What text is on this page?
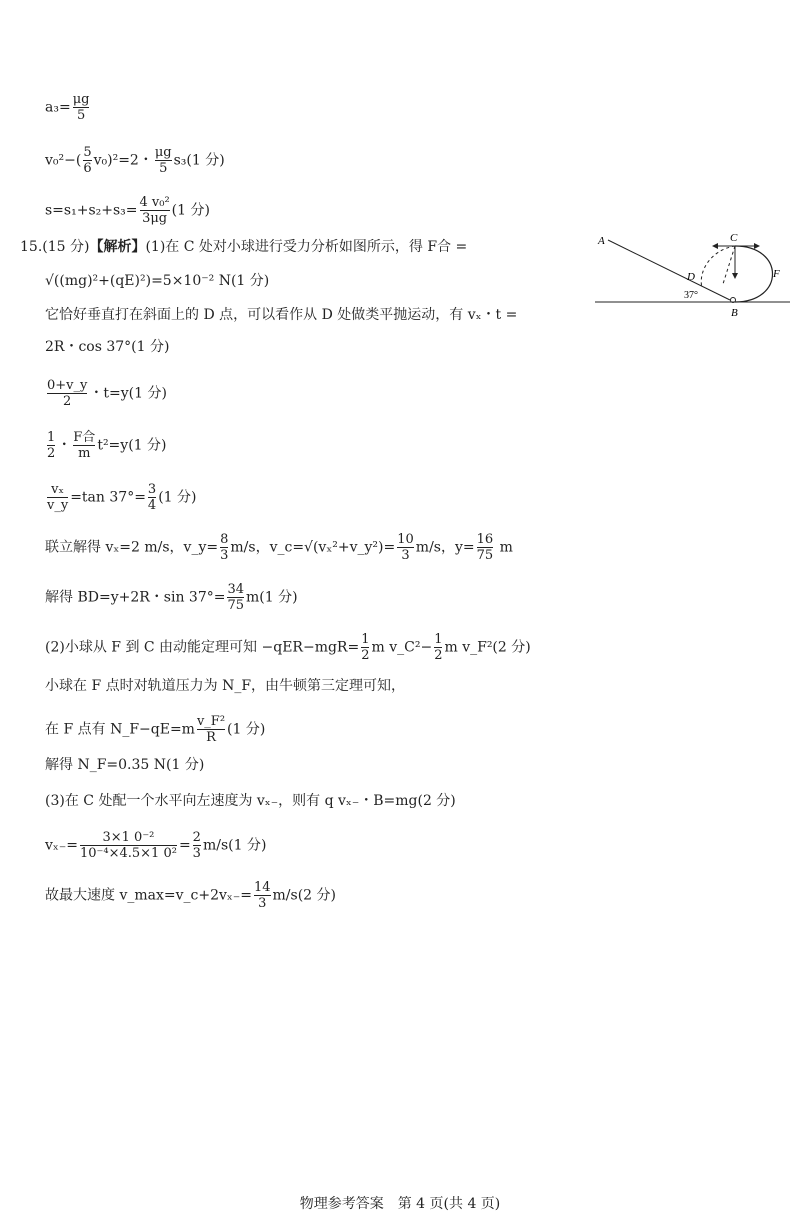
$a_3= \frac{\mu g}{5}$
$v_0^2-( \frac{5}{6} v_0)^2=2$・ $\frac{\mu g}{5} s_3(1$ 分)
$s=s_1+s_2+s_3= \frac{\text{4 v₀²}}{3\mu g} (1$ 分)
15.(15 分)【解析】(1)在 C 处对小球进行受力分析如图所示，得 F合 =
√((mg)²+(qE)²)=5×10⁻² N(1 分)
它恰好垂直打在斜面上的 D 点，可以看作从 D 处做类平抛运动，有 vₓ・t =
2R・cos 37°(1 分)
$\frac{0+v\_y}{2}$ ・t=y(1 分)
$\frac{1}{2}$ ・ $\frac{\text{F合}}{m} t^2=y(1$ 分)
$\frac{\text{vₓ}}{v\_y} =\tan$ $37^\circ= \frac{3}{4} (1$ 分)
联立解得 vₓ=2 m/s，v_y= $\frac{8}{3} m/s$，v_c=√(vₓ²+v_y²)= $\frac{10}{3} m/s$，$y= \frac{16}{75}$ m
解得 BD=y+2R・$\sin 37^\circ= \frac{34}{75} m(1$ 分)
(2)小球从 F 到 C 由动能定理可知 $-qER-mgR= \frac{1}{2}$ m v_C²− $\frac{1}{2}$ m v_F²(2 分)
小球在 F 点时对轨道压力为 N_F，由牛顿第三定理可知，
在 F 点有 N_F−qE=m $\frac{\text{v\_F²}}{R} (1$ 分)
解得 N_F=0.35 N(1 分)
(3)在 C 处配一个水平向左速度为 vₓ₋，则有 q vₓ₋・B=mg(2 分)
$v_{x-}= \frac{\text{3×1 0⁻²}}{\text{10⁻⁴×4.5×1 0²}} = \frac{2}{3} m/s(1$ 分)
故最大速度 v_max=v_c+2vₓ₋= $\frac{14}{3} m/s(2$ 分)
A	C
D	F
37°
B
物理参考答案　第 4 页(共 4 页)
